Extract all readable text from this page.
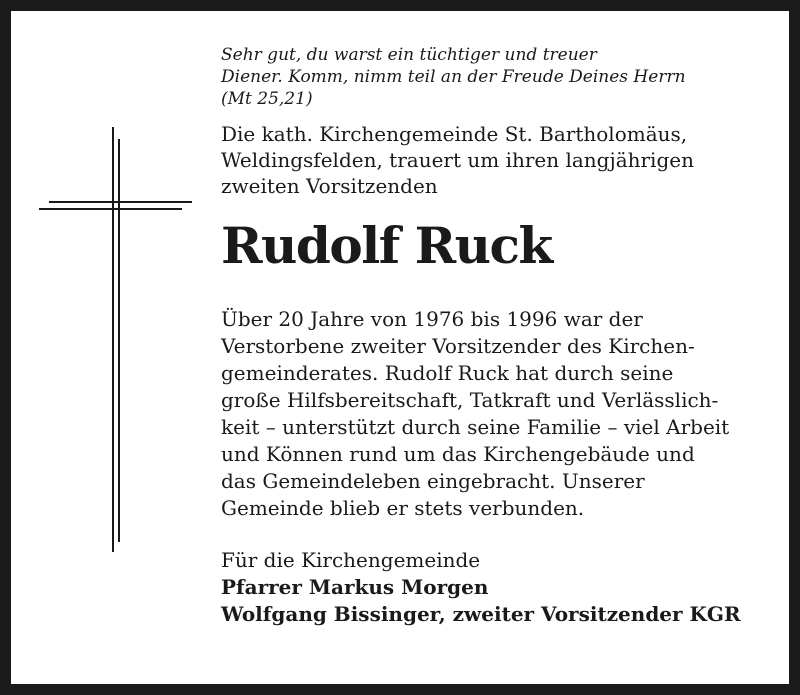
Sehr gut, du warst ein tüchtiger und treuer
Diener. Komm, nimm teil an der Freude Deines Herrn
(Mt 25,21)
Die kath. Kirchengemeinde St. Bartholomäus,
Weldingsfelden, trauert um ihren langjährigen
zweiten Vorsitzenden
Rudolf Ruck
Über 20 Jahre von 1976 bis 1996 war der
Verstorbene zweiter Vorsitzender des Kirchen-
gemeinderates. Rudolf Ruck hat durch seine
große Hilfsbereitschaft, Tatkraft und Verlässlich-
keit – unterstützt durch seine Familie – viel Arbeit
und Können rund um das Kirchengebäude und
das Gemeindeleben eingebracht. Unserer
Gemeinde blieb er stets verbunden.
Für die Kirchengemeinde
Pfarrer Markus Morgen
Wolfgang Bissinger, zweiter Vorsitzender KGR
